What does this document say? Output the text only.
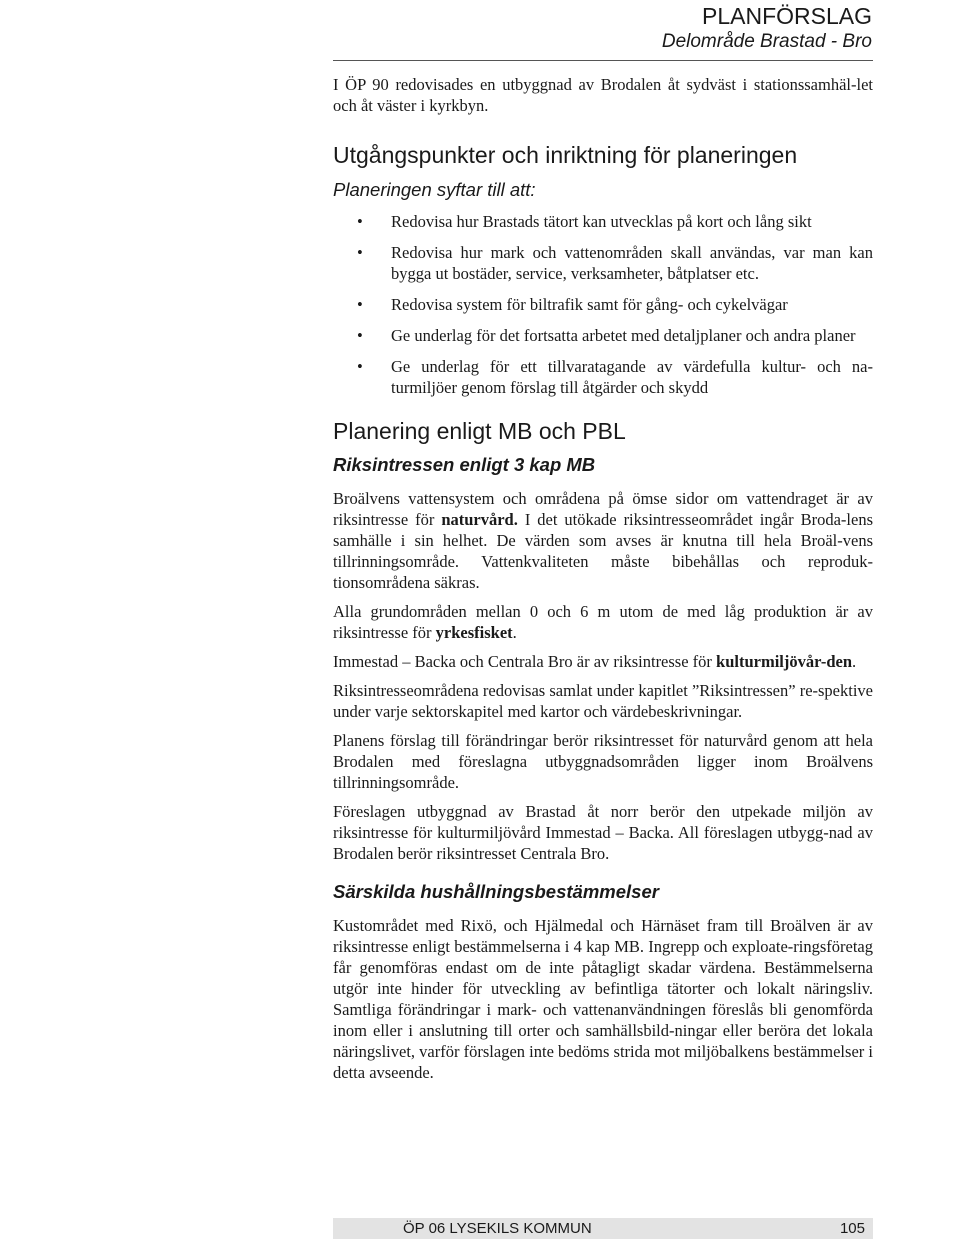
PLANFÖRSLAG
Delområde Brastad - Bro

I ÖP 90 redovisades en utbyggnad av Brodalen åt sydväst i stationssamhäl-let och åt väster i kyrkbyn.

Utgångspunkter och inriktning för planeringen
Planeringen syftar till att:
• Redovisa hur Brastads tätort kan utvecklas på kort och lång sikt
• Redovisa hur mark och vattenområden skall användas, var man kan bygga ut bostäder, service, verksamheter, båtplatser etc.
• Redovisa system för biltrafik samt för gång- och cykelvägar
• Ge underlag för det fortsatta arbetet med detaljplaner och andra planer
• Ge underlag för ett tillvaratagande av värdefulla kultur- och na-turmiljöer genom förslag till åtgärder och skydd
Planering enligt MB och PBL
Riksintressen enligt 3 kap MB

Broälvens vattensystem och områdena på ömse sidor om vattendraget är av riksintresse för naturvård. I det utökade riksintresseområdet ingår Broda-lens samhälle i sin helhet. De värden som avses är knutna till hela Broäl-vens tillrinningsområde. Vattenkvaliteten måste bibehållas och reproduk-tionsområdena säkras.

Alla grundområden mellan 0 och 6 m utom de med låg produktion är av riksintresse för yrkesfisket.

Immestad – Backa och Centrala Bro är av riksintresse för kulturmiljövår-den.

Riksintresseområdena redovisas samlat under kapitlet ”Riksintressen” re-spektive under varje sektorskapitel med kartor och värdebeskrivningar.

Planens förslag till förändringar berör riksintresset för naturvård genom att hela Brodalen med föreslagna utbyggnadsområden ligger inom Broälvens tillrinningsområde.

Föreslagen utbyggnad av Brastad åt norr berör den utpekade miljön av riksintresse för kulturmiljövård Immestad – Backa. All föreslagen utbygg-nad av Brodalen berör riksintresset Centrala Bro.

Särskilda hushållningsbestämmelser

Kustområdet med Rixö, och Hjälmedal och Härnäset fram till Broälven är av riksintresse enligt bestämmelserna i 4 kap MB. Ingrepp och exploate-ringsföretag får genomföras endast om de inte påtagligt skadar värdena. Bestämmelserna utgör inte hinder för utveckling av befintliga tätorter och lokalt näringsliv. Samtliga förändringar i mark- och vattenanvändningen föreslås bli genomförda inom eller i anslutning till orter och samhällsbild-ningar eller beröra det lokala näringslivet, varför förslagen inte bedöms strida mot miljöbalkens bestämmelser i detta avseende.

ÖP 06 LYSEKILS KOMMUN	105
